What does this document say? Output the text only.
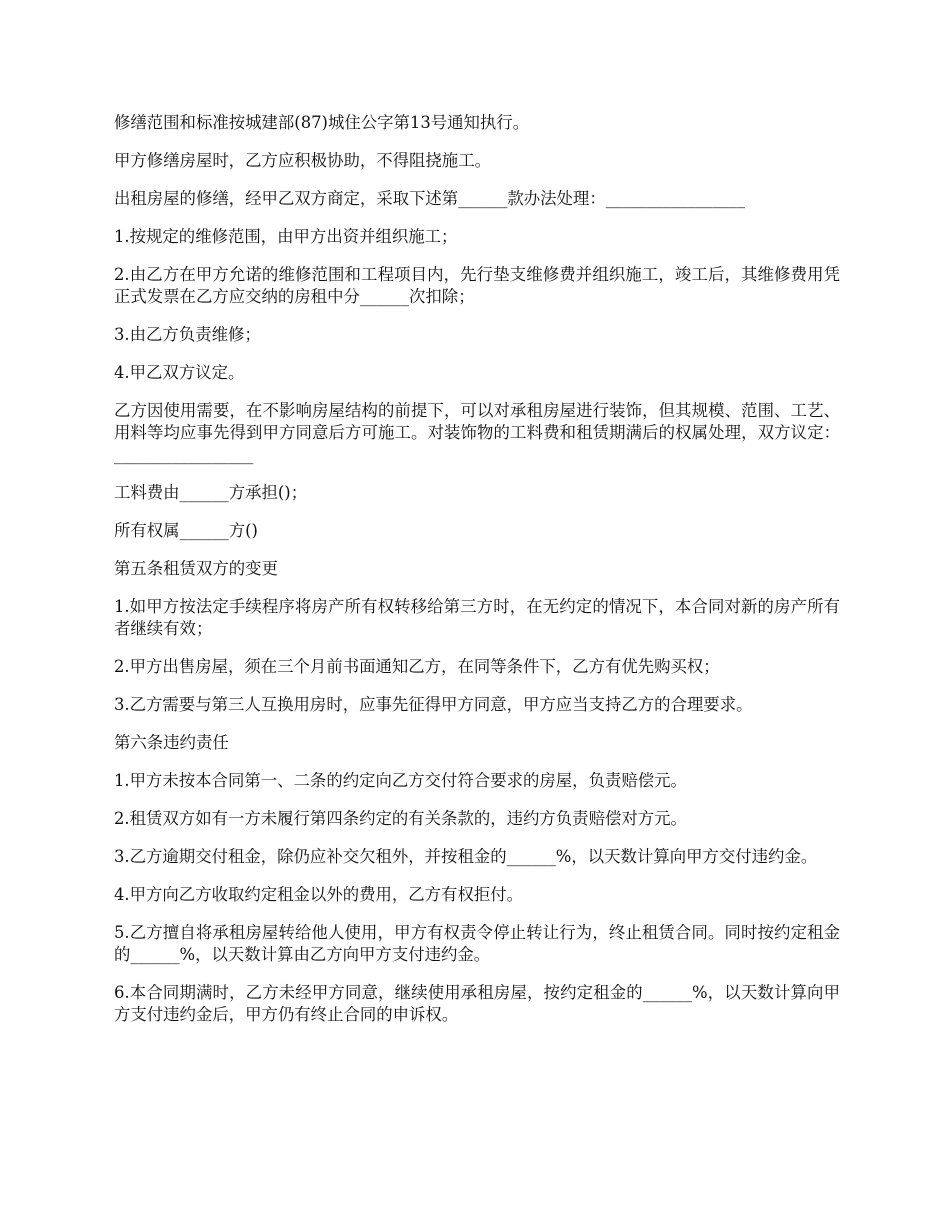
修缮范围和标准按城建部(87)城住公字第13号通知执行。

甲方修缮房屋时，乙方应积极协助，不得阻挠施工。

出租房屋的修缮，经甲乙双方商定，采取下述第______款办法处理：_________________

1.按规定的维修范围，由甲方出资并组织施工；

2.由乙方在甲方允诺的维修范围和工程项目内，先行垫支维修费并组织施工，竣工后，其维修费用凭正式发票在乙方应交纳的房租中分______次扣除；

3.由乙方负责维修；

4.甲乙双方议定。

乙方因使用需要，在不影响房屋结构的前提下，可以对承租房屋进行装饰，但其规模、范围、工艺、用料等均应事先得到甲方同意后方可施工。对装饰物的工料费和租赁期满后的权属处理，双方议定：_________________

工料费由______方承担()；

所有权属______方()

第五条租赁双方的变更

1.如甲方按法定手续程序将房产所有权转移给第三方时，在无约定的情况下，本合同对新的房产所有者继续有效；

2.甲方出售房屋，须在三个月前书面通知乙方，在同等条件下，乙方有优先购买权；

3.乙方需要与第三人互换用房时，应事先征得甲方同意，甲方应当支持乙方的合理要求。

第六条违约责任

1.甲方未按本合同第一、二条的约定向乙方交付符合要求的房屋，负责赔偿元。

2.租赁双方如有一方未履行第四条约定的有关条款的，违约方负责赔偿对方元。

3.乙方逾期交付租金，除仍应补交欠租外，并按租金的______%，以天数计算向甲方交付违约金。

4.甲方向乙方收取约定租金以外的费用，乙方有权拒付。

5.乙方擅自将承租房屋转给他人使用，甲方有权责令停止转让行为，终止租赁合同。同时按约定租金的______%，以天数计算由乙方向甲方支付违约金。

6.本合同期满时，乙方未经甲方同意，继续使用承租房屋，按约定租金的______%，以天数计算向甲方支付违约金后，甲方仍有终止合同的申诉权。
